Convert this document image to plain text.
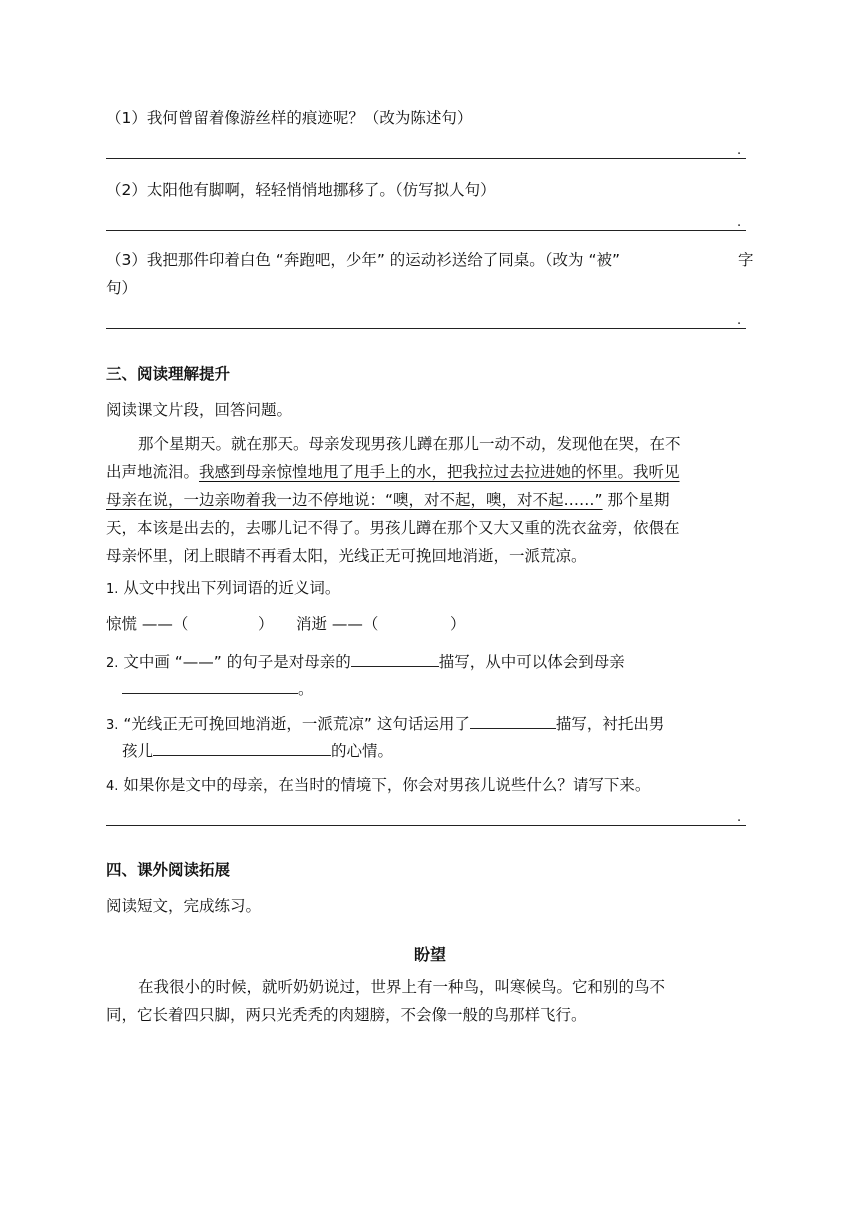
（1）我何曾留着像游丝样的痕迹呢？（改为陈述句）
.
（2）太阳他有脚啊，轻轻悄悄地挪移了。（仿写拟人句）
.
（3）我把那件印着白色 “奔跑吧，少年” 的运动衫送给了同桌。（改为 “被”	字
句）
.
三、阅读理解提升
阅读课文片段，回答问题。
那个星期天。就在那天。母亲发现男孩儿蹲在那儿一动不动，发现他在哭，在不
出声地流泪。我感到母亲惊惶地甩了甩手上的水，把我拉过去拉进她的怀里。我听见
母亲在说，一边亲吻着我一边不停地说：“噢，对不起，噢，对不起……” 那个星期
天，本该是出去的，去哪儿记不得了。男孩儿蹲在那个又大又重的洗衣盆旁，依偎在
母亲怀里，闭上眼睛不再看太阳，光线正无可挽回地消逝，一派荒凉。
1. 从文中找出下列词语的近义词。
惊慌 ——（	） 消逝 ——（	）
2. 文中画 “——” 的句子是对母亲的	描写，从中可以体会到母亲
。
3. “光线正无可挽回地消逝，一派荒凉” 这句话运用了	描写，衬托出男
孩儿	的心情。
4. 如果你是文中的母亲，在当时的情境下，你会对男孩儿说些什么？请写下来。
.
四、课外阅读拓展
阅读短文，完成练习。
盼望
在我很小的时候，就听奶奶说过，世界上有一种鸟，叫寒候鸟。它和别的鸟不
同，它长着四只脚，两只光秃秃的肉翅膀，不会像一般的鸟那样飞行。
